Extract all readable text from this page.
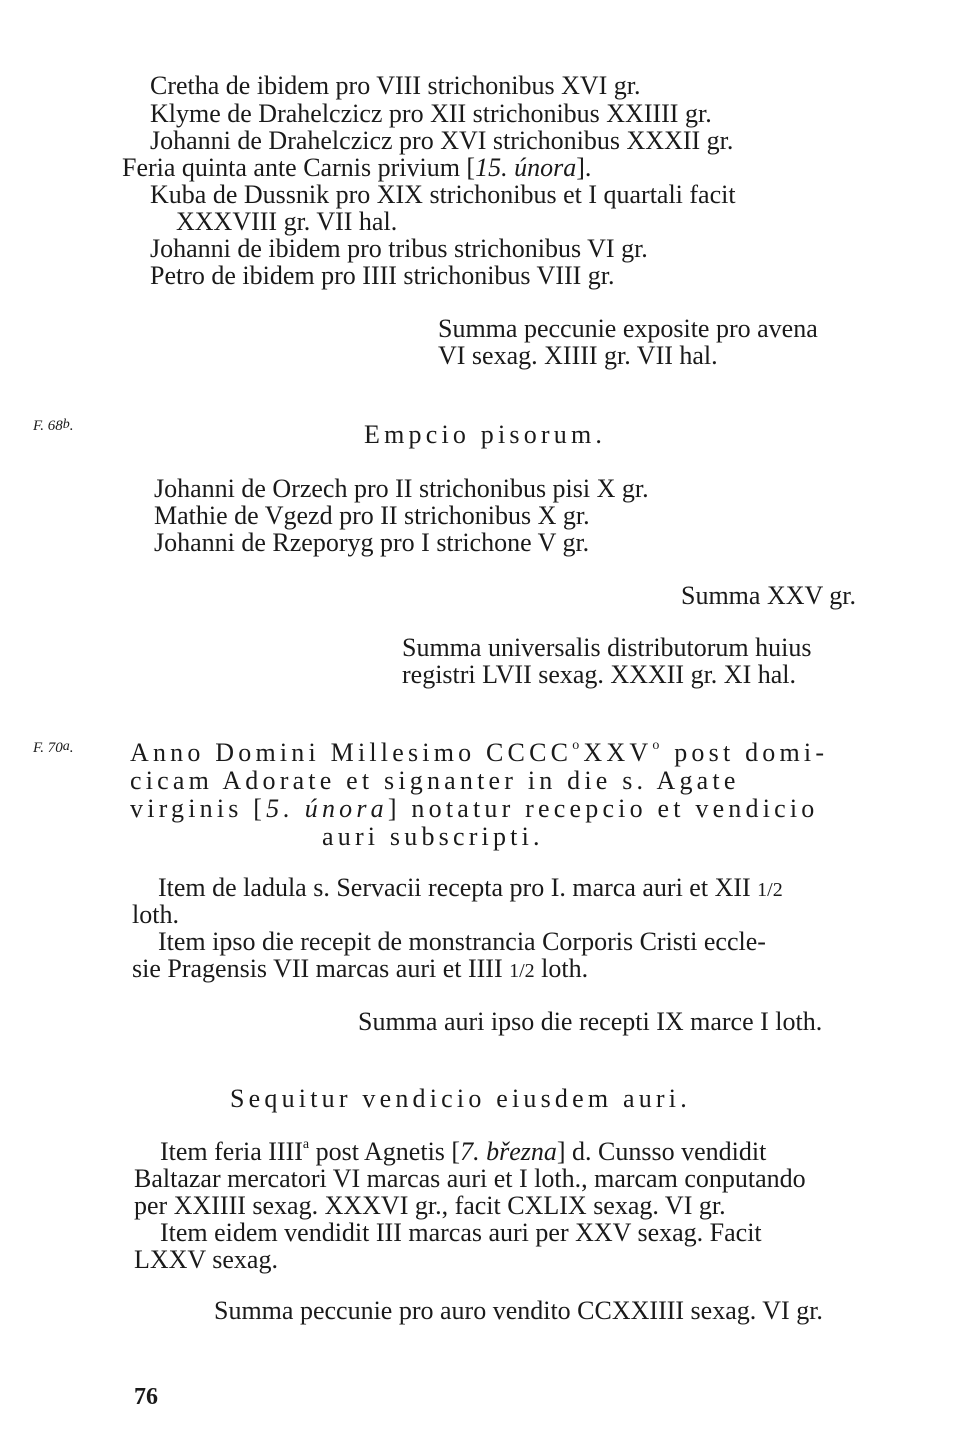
Cretha de ibidem pro VIII strichonibus XVI gr.
Klyme de Drahelczicz pro XII strichonibus XXIIII gr.
Johanni de Drahelczicz pro XVI strichonibus XXXII gr.
Feria quinta ante Carnis privium [15. února].
Kuba de Dussnik pro XIX strichonibus et I quartali facit
XXXVIII gr. VII hal.
Johanni de ibidem pro tribus strichonibus VI gr.
Petro de ibidem pro IIII strichonibus VIII gr.
Summa peccunie exposite pro avena
VI sexag. XIIII gr. VII hal.
F. 68$^b$.	Empcio pisorum.
Johanni de Orzech pro II strichonibus pisi X gr.
Mathie de Vgezd pro II strichonibus X gr.
Johanni de Rzeporyg pro I strichone V gr.
Summa XXV gr.
Summa universalis distributorum huius
registri LVII sexag. XXXII gr. XI hal.
F. 70$^a$. Anno Domini Millesimo CCCC$^o$XXV$^o$ post domi-
cicam Adorate et signanter in die s. Agate
virginis [5. února] notatur recepcio et vendicio
auri subscripti.
Item de ladula s. Servacii recepta pro I. marca auri et XII 1/2
loth.
Item ipso die recepit de monstrancia Corporis Cristi eccle-
sie Pragensis VII marcas auri et IIII 1/2 loth.
Summa auri ipso die recepti IX marce I loth.
Sequitur vendicio eiusdem auri.
Item feria IIII$^a$ post Agnetis [7. března] d. Cunsso vendidit
Baltazar mercatori VI marcas auri et I loth., marcam conputando
per XXIIII sexag. XXXVI gr., facit CXLIX sexag. VI gr.
Item eidem vendidit III marcas auri per XXV sexag. Facit
LXXV sexag.
Summa peccunie pro auro vendito CCXXIIII sexag. VI gr.
76
